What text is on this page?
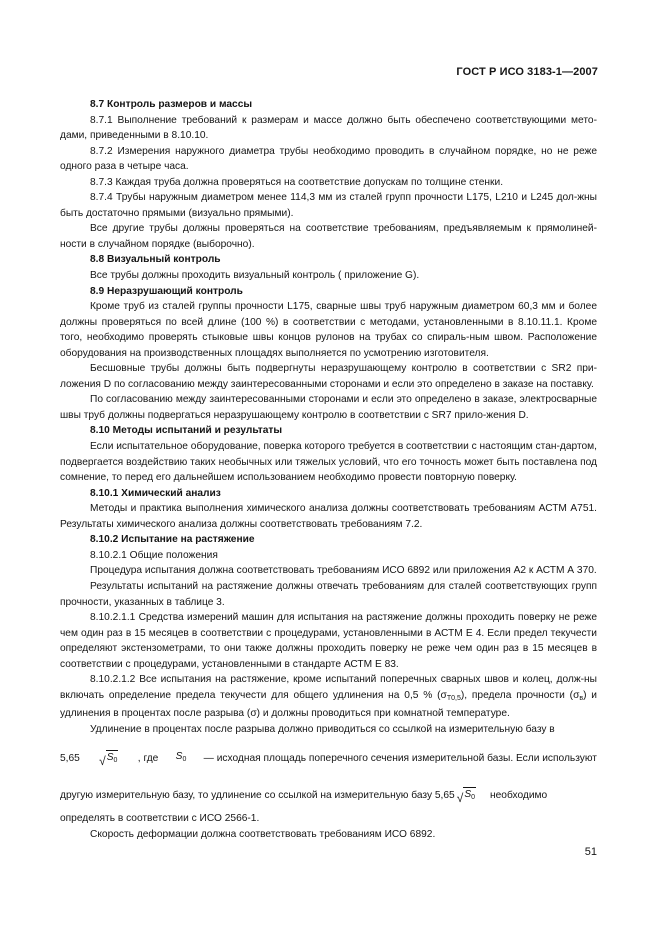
ГОСТ Р ИСО 3183-1—2007

8.7 Контроль размеров и массы

8.7.1 Выполнение требований к размерам и массе должно быть обеспечено соответствующими мето-дами, приведенными в 8.10.10.

8.7.2 Измерения наружного диаметра трубы необходимо проводить в случайном порядке, но не реже одного раза в четыре часа.

8.7.3 Каждая труба должна проверяться на соответствие допускам по толщине стенки.

8.7.4 Трубы наружным диаметром менее 114,3 мм из сталей групп прочности L175, L210 и L245 дол-жны быть достаточно прямыми (визуально прямыми).

Все другие трубы должны проверяться на соответствие требованиям, предъявляемым к прямолиней-ности в случайном порядке (выборочно).

8.8 Визуальный контроль

Все трубы должны проходить визуальный контроль ( приложение G).

8.9 Неразрушающий контроль

Кроме труб из сталей группы прочности L175, сварные швы труб наружным диаметром 60,3 мм и более должны проверяться по всей длине (100 %) в соответствии с методами, установленными в 8.10.11.1. Кроме того, необходимо проверять стыковые швы концов рулонов на трубах со спираль-ным швом. Расположение оборудования на производственных площадях выполняется по усмотрению изготовителя.

Бесшовные трубы должны быть подвергнуты неразрушающему контролю в соответствии с SR2 при-ложения D по согласованию между заинтересованными сторонами и если это определено в заказе на поставку.

По согласованию между заинтересованными сторонами и если это определено в заказе, электросварные швы труб должны подвергаться неразрушающему контролю в соответствии с SR7 прило-жения D.

8.10 Методы испытаний и результаты

Если испытательное оборудование, поверка которого требуется в соответствии с настоящим стан-дартом, подвергается воздействию таких необычных или тяжелых условий, что его точность может быть поставлена под сомнение, то перед его дальнейшем использованием необходимо провести повторную поверку.

8.10.1 Химический анализ

Методы и практика выполнения химического анализа должны соответствовать требованиям АСТМ А751. Результаты химического анализа должны соответствовать требованиям 7.2.

8.10.2 Испытание на растяжение

8.10.2.1 Общие положения

Процедура испытания должна соответствовать требованиям ИСО 6892 или приложения А2 к АСТМ А 370.

Результаты испытаний на растяжение должны отвечать требованиям для сталей соответствующих групп прочности, указанных в таблице 3.

8.10.2.1.1 Средства измерений машин для испытания на растяжение должны проходить поверку не реже чем один раз в 15 месяцев в соответствии с процедурами, установленными в АСТМ Е 4. Если предел текучести определяют экстензометрами, то они также должны проходить поверку не реже чем один раз в 15 месяцев в соответствии с процедурами, установленными в стандарте АСТМ Е 83.

8.10.2.1.2 Все испытания на растяжение, кроме испытаний поперечных сварных швов и колец, долж-ны включать определение предела текучести для общего удлинения на 0,5 % $(\sigma_{T0,5})$, предела прочности $(\sigma_в)$ и удлинения в процентах после разрыва (σ) и должны проводиться при комнатной температуре.

Удлинение в процентах после разрыва должно приводиться со ссылкой на измерительную базу в

5,65 √ $S_0$ , где $S_0$ — исходная площадь поперечного сечения измерительной базы. Если используют
другую измерительную базу, то удлинение со ссылкой на измерительную базу 5,65 √ $S_0$ необходимо

определять в соответствии с ИСО 2566-1.

Скорость деформации должна соответствовать требованиям ИСО 6892.

51
